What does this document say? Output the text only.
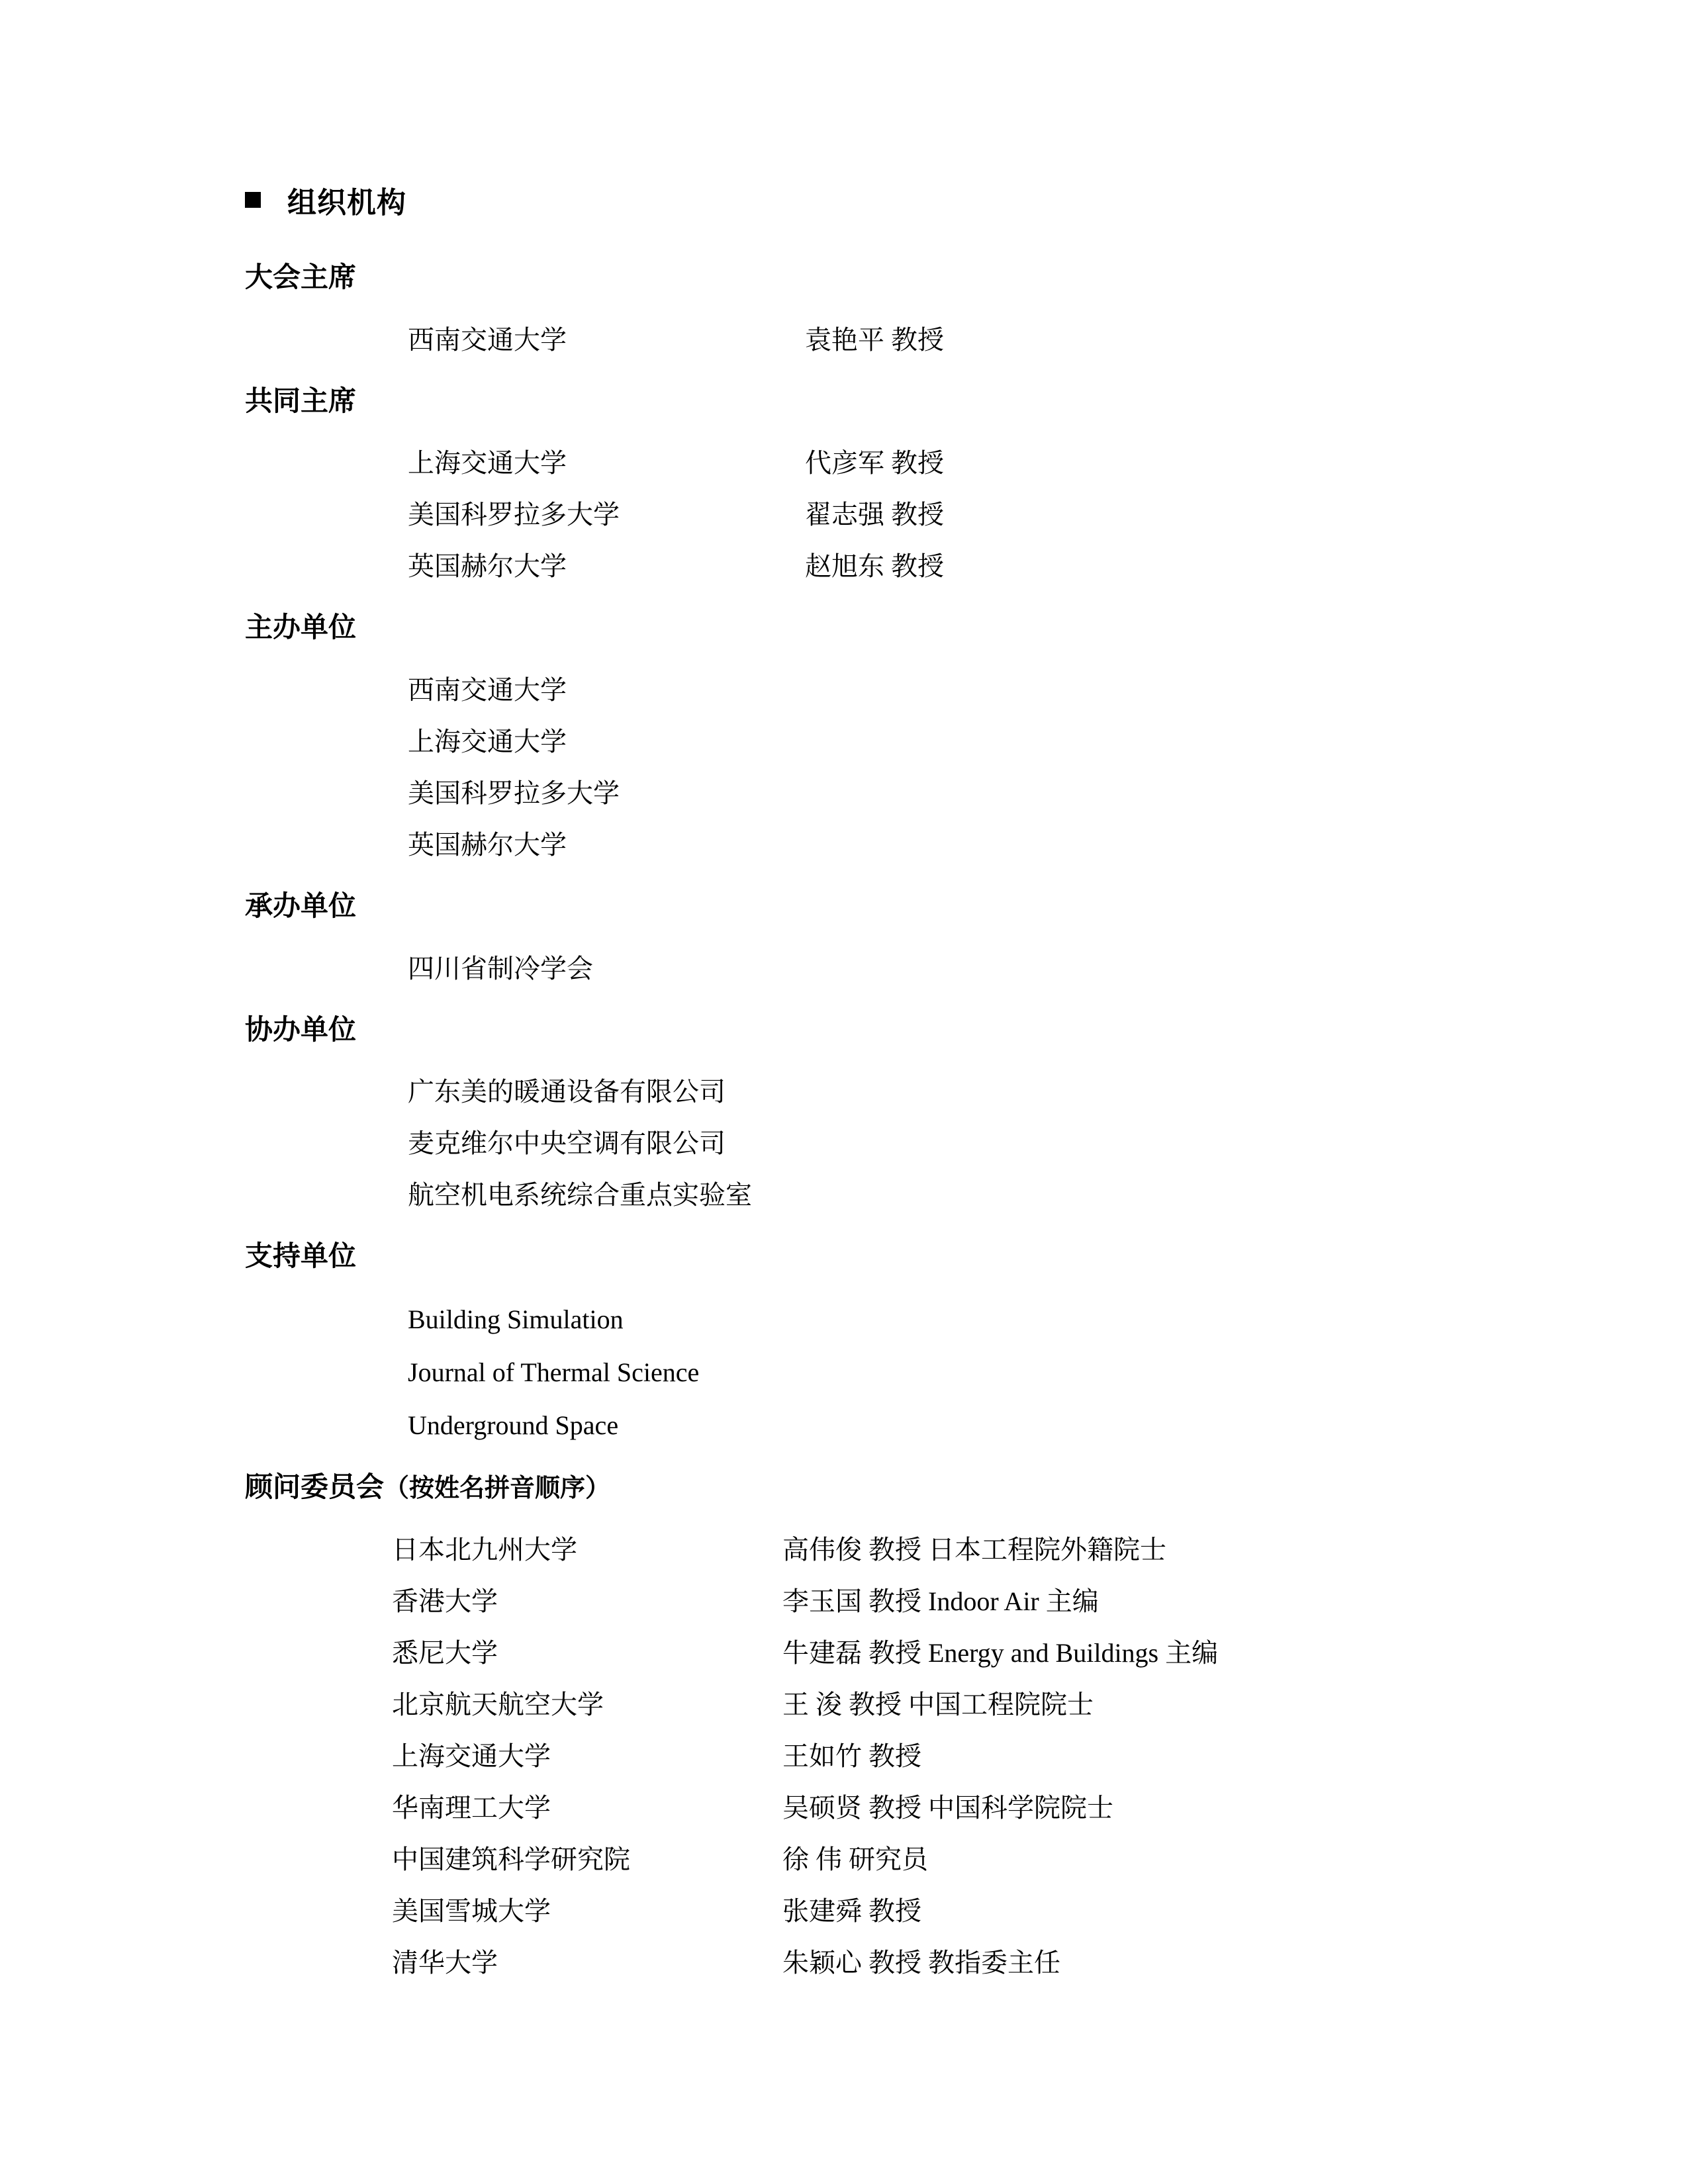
组织机构
大会主席
西南交通大学	袁艳平 教授
共同主席
上海交通大学	代彦军 教授
美国科罗拉多大学	翟志强 教授
英国赫尔大学	赵旭东 教授
主办单位
西南交通大学
上海交通大学
美国科罗拉多大学
英国赫尔大学
承办单位
四川省制冷学会
协办单位
广东美的暖通设备有限公司
麦克维尔中央空调有限公司
航空机电系统综合重点实验室
支持单位
Building Simulation
Journal of Thermal Science
Underground Space
顾问委员会（按姓名拼音顺序）
日本北九州大学	高伟俊 教授 日本工程院外籍院士
香港大学	李玉国 教授 Indoor Air 主编
悉尼大学	牛建磊 教授 Energy and Buildings 主编
北京航天航空大学	王 浚 教授 中国工程院院士
上海交通大学	王如竹 教授
华南理工大学	吴硕贤 教授 中国科学院院士
中国建筑科学研究院	徐 伟 研究员
美国雪城大学	张建舜 教授
清华大学	朱颖心 教授 教指委主任
